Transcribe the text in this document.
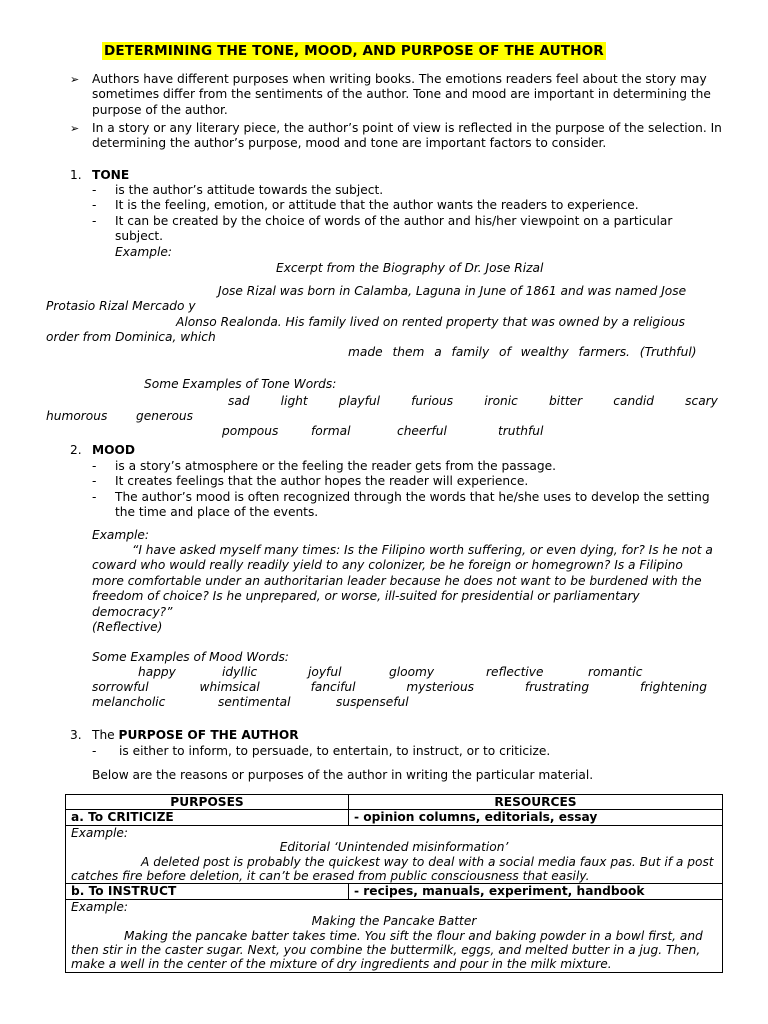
DETERMINING THE TONE, MOOD, AND PURPOSE OF THE AUTHOR
➢ Authors have different purposes when writing books. The emotions readers feel about the story may sometimes differ from the sentiments of the author. Tone and mood are important in determining the purpose of the author.
➢ In a story or any literary piece, the author’s point of view is reflected in the purpose of the selection. In determining the author’s purpose, mood and tone are important factors to consider.
1. TONE
- is the author’s attitude towards the subject.
- It is the feeling, emotion, or attitude that the author wants the readers to experience.
- It can be created by the choice of words of the author and his/her viewpoint on a particular subject.
Example:
Excerpt from the Biography of Dr. Jose Rizal
Jose Rizal was born in Calamba, Laguna in June of 1861 and was named Jose
Protasio Rizal Mercado y
Alonso Realonda. His family lived on rented property that was owned by a religious
order from Dominica, which
made them a family of wealthy farmers. (Truthful)
Some Examples of Tone Words:
sad	light	playful	furious	ironic	bitter	candid	scary
humorous generous
pompous	formal	cheerful	truthful
2. MOOD
- is a story’s atmosphere or the feeling the reader gets from the passage.
- It creates feelings that the author hopes the reader will experience.
- The author’s mood is often recognized through the words that he/she uses to develop the setting the time and place of the events.
Example:
“I have asked myself many times: Is the Filipino worth suffering, or even dying, for? Is he not a coward who would really readily yield to any colonizer, be he foreign or homegrown? Is a Filipino more comfortable under an authoritarian leader because he does not want to be burdened with the freedom of choice? Is he unprepared, or worse, ill-suited for presidential or parliamentary democracy?”
(Reflective)
Some Examples of Mood Words:
happy	idyllic	joyful	gloomy	reflective	romantic
sorrowful	whimsical	fanciful	mysterious	frustrating	frightening
melancholic	sentimental	suspenseful
3. The PURPOSE OF THE AUTHOR
- is either to inform, to persuade, to entertain, to instruct, or to criticize.
Below are the reasons or purposes of the author in writing the particular material.
PURPOSES	RESOURCES
a. To CRITICIZE	- opinion columns, editorials, essay

Example:
Editorial ‘Unintended misinformation’
A deleted post is probably the quickest way to deal with a social media faux pas. But if a post catches fire before deletion, it can’t be erased from public consciousness that easily.	

b. To INSTRUCT	- recipes, manuals, experiment, handbook

Example:
Making the Pancake Batter
Making the pancake batter takes time. You sift the flour and baking powder in a bowl first, and then stir in the caster sugar. Next, you combine the buttermilk, eggs, and melted butter in a jug. Then, make a well in the center of the mixture of dry ingredients and pour in the milk mixture.	
